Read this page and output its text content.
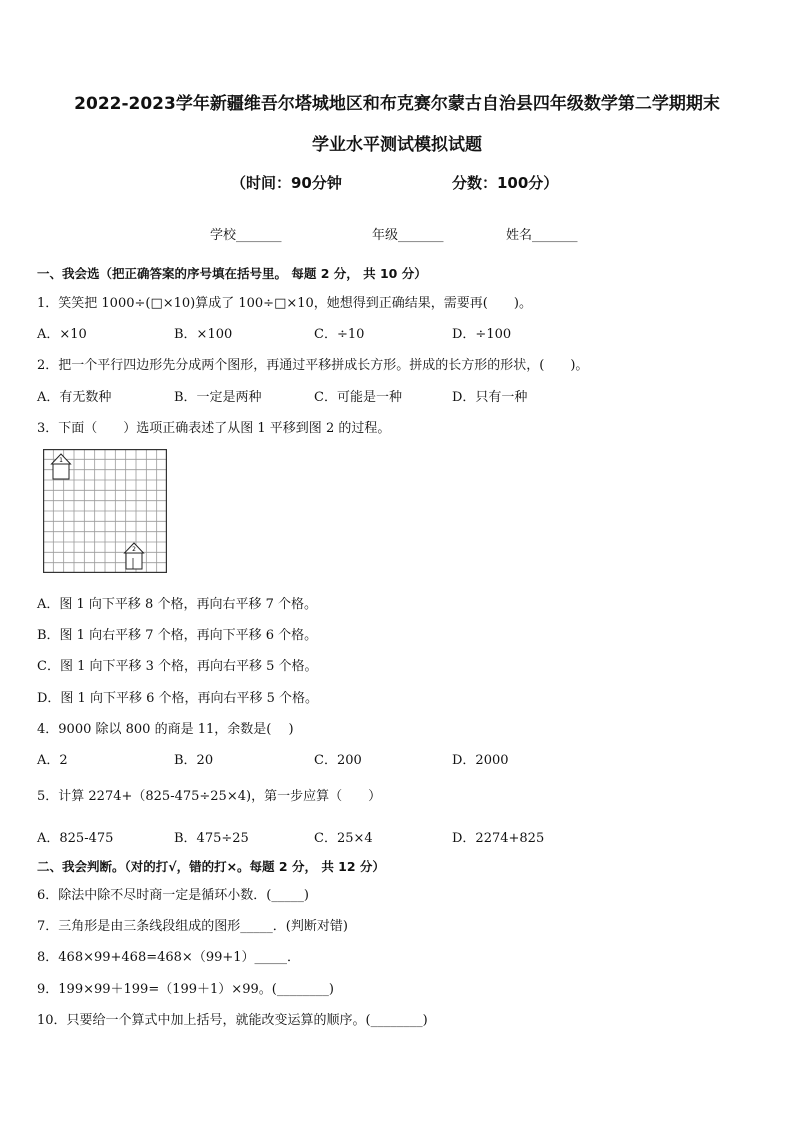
2022-2023学年新疆维吾尔塔城地区和布克赛尔蒙古自治县四年级数学第二学期期末
学业水平测试模拟试题
（时间：90分钟	分数：100分）
学校_______	年级_______	姓名_______
一、我会选（把正确答案的序号填在括号里。 每题 2 分， 共 10 分）
1．笑笑把 1000÷(□×10)算成了 100÷□×10，她想得到正确结果，需要再(　　)。
A．×10	B．×100	C．÷10	D．÷100
2．把一个平行四边形先分成两个图形，再通过平移拼成长方形。拼成的长方形的形状，(　　)。
A．有无数种	B．一定是两种	C．可能是一种	D．只有一种
3．下面（　　）选项正确表述了从图 1 平移到图 2 的过程。
1
2
A．图 1 向下平移 8 个格，再向右平移 7 个格。
B．图 1 向右平移 7 个格，再向下平移 6 个格。
C．图 1 向下平移 3 个格，再向右平移 5 个格。
D．图 1 向下平移 6 个格，再向右平移 5 个格。
4．9000 除以 800 的商是 11，余数是(　 )
A．2	B．20	C．200	D．2000
5．计算 2274+（825-475÷25×4)，第一步应算（　　）
A．825-475	B．475÷25	C．25×4	D．2274+825
二、我会判断。（对的打√，错的打×。每题 2 分， 共 12 分）
6．除法中除不尽时商一定是循环小数．(_____)
7．三角形是由三条线段组成的图形_____．(判断对错)
8．468×99+468=468×（99+1）_____．
9．199×99＋199=（199＋1）×99。(________)
10．只要给一个算式中加上括号，就能改变运算的顺序。(________)
